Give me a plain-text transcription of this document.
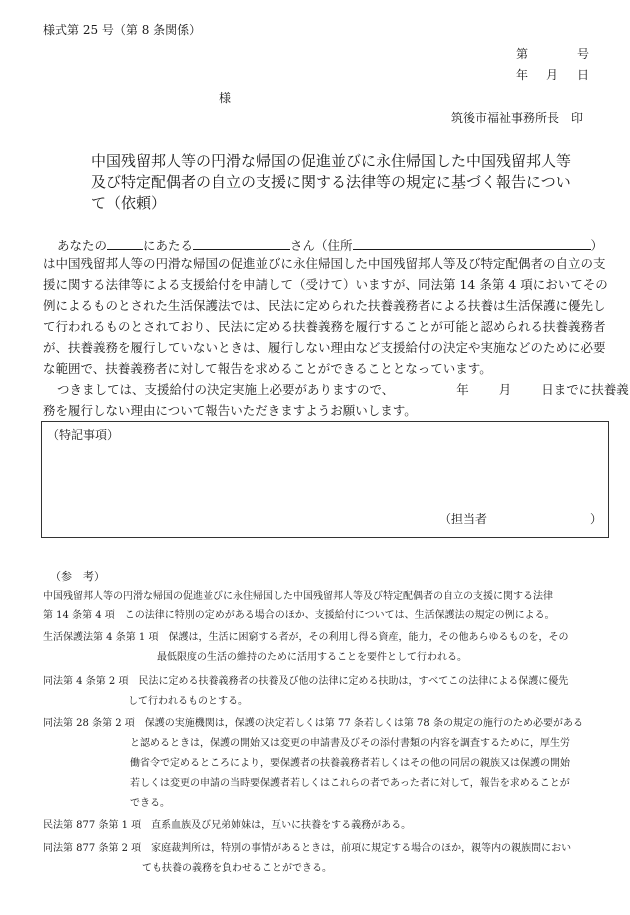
様式第 25 号（第 8 条関係）
第	号
年 月 日
様
筑後市福祉事務所長　印
中国残留邦人等の円滑な帰国の促進並びに永住帰国した中国残留邦人等
及び特定配偶者の自立の支援に関する法律等の規定に基づく報告につい
て（依頼）
あなたの	にあたる	さん（住所	）
は中国残留邦人等の円滑な帰国の促進並びに永住帰国した中国残留邦人等及び特定配偶者の自立の支
援に関する法律等による支援給付を申請して（受けて）いますが、同法第 14 条第 4 項においてその
例によるものとされた生活保護法では、民法に定められた扶養義務者による扶養は生活保護に優先し
て行われるものとされており、民法に定める扶養義務を履行することが可能と認められる扶養義務者
が、扶養義務を履行していないときは、履行しない理由など支援給付の決定や実施などのために必要
な範囲で、扶養義務者に対して報告を求めることができることとなっています。
つきましては、支援給付の決定実施上必要がありますので、	年 月 日までに扶養義
務を履行しない理由について報告いただきますようお願いします。
（特記事項）
（担当者	）
（参　考）
中国残留邦人等の円滑な帰国の促進並びに永住帰国した中国残留邦人等及び特定配偶者の自立の支援に関する法律
第 14 条第 4 項　この法律に特別の定めがある場合のほか、支援給付については、生活保護法の規定の例による。
生活保護法第 4 条第 1 項　保護は，生活に困窮する者が，その利用し得る資産，能力，その他あらゆるものを，その
最低限度の生活の維持のために活用することを要件として行われる。
同法第 4 条第 2 項　民法に定める扶養義務者の扶養及び他の法律に定める扶助は，すべてこの法律による保護に優先
して行われるものとする。
同法第 28 条第 2 項　保護の実施機関は，保護の決定若しくは第 77 条若しくは第 78 条の規定の施行のため必要がある
と認めるときは，保護の開始又は変更の申請書及びその添付書類の内容を調査するために，厚生労
働省令で定めるところにより，要保護者の扶養義務者若しくはその他の同居の親族又は保護の開始
若しくは変更の申請の当時要保護者若しくはこれらの者であった者に対して，報告を求めることが
できる。
民法第 877 条第 1 項　直系血族及び兄弟姉妹は，互いに扶養をする義務がある。
同法第 877 条第 2 項　家庭裁判所は，特別の事情があるときは，前項に規定する場合のほか，親等内の親族間におい
ても扶養の義務を負わせることができる。
